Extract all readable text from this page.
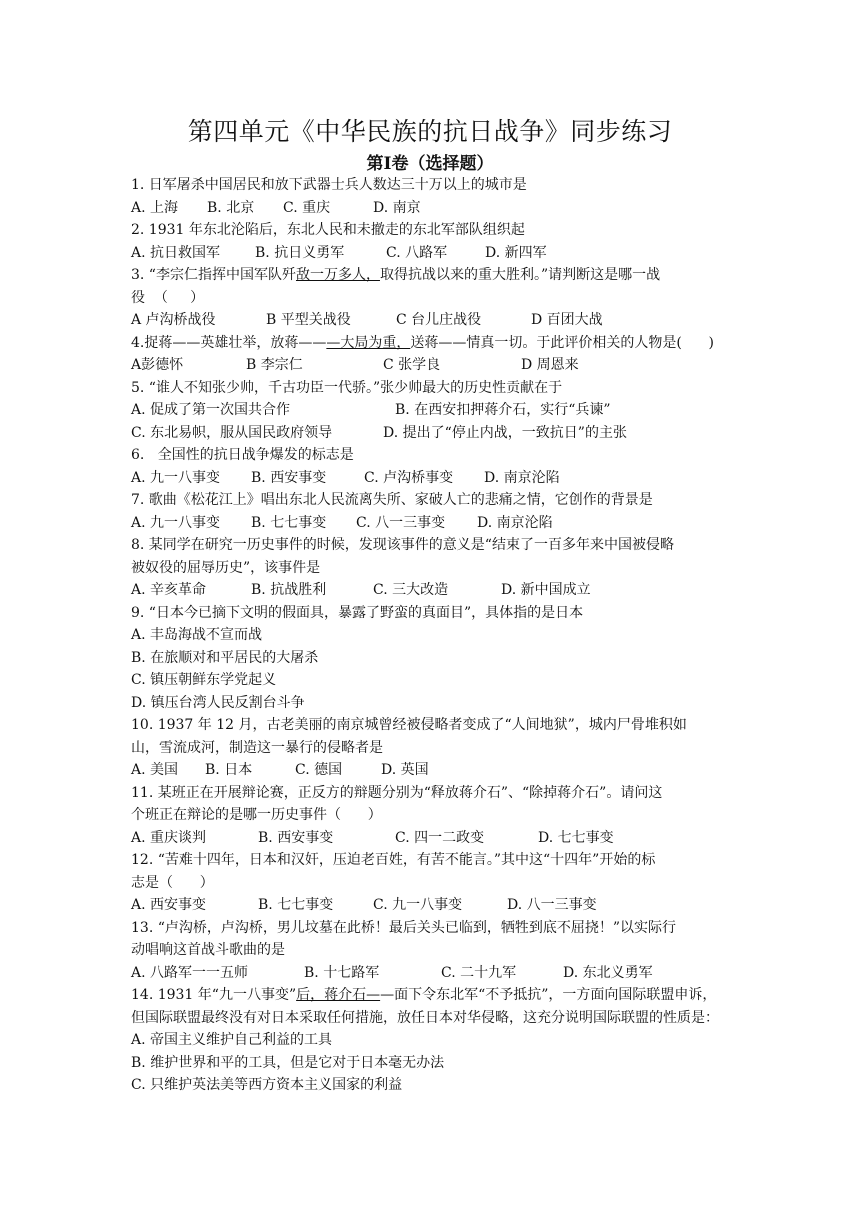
第四单元《中华民族的抗日战争》同步练习
第Ⅰ卷（选择题）
1. 日军屠杀中国居民和放下武器士兵人数达三十万以上的城市是
A. 上海 B. 北京 C. 重庆	D. 南京
2. 1931 年东北沦陷后，东北人民和未撤走的东北军部队组织起
A. 抗日救国军 B. 抗日义勇军	C. 八路军	D. 新四军
3. “李宗仁指挥中国军队歼敌一万多人，取得抗战以来的重大胜利。”请判断这是哪一战
役  （     ）
A 卢沟桥战役	B 平型关战役	C 台儿庄战役	D 百团大战
4.捉蒋——英雄壮举，放蒋———大局为重，送蒋——情真一切。于此评价相关的人物是(      )
A彭德怀	B 李宗仁	C 张学良	D 周恩来
5. “谁人不知张少帅，千古功臣一代骄。”张少帅最大的历史性贡献在于
A. 促成了第一次国共合作	B. 在西安扣押蒋介石，实行“兵谏”
C. 东北易帜，服从国民政府领导	D. 提出了“停止内战，一致抗日”的主张
6.   全国性的抗日战争爆发的标志是
A. 九一八事变 B. 西安事变	C. 卢沟桥事变 D. 南京沦陷
7. 歌曲《松花江上》唱出东北人民流离失所、家破人亡的悲痛之情，它创作的背景是
A. 九一八事变 B. 七七事变 C. 八一三事变 D. 南京沦陷
8. 某同学在研究一历史事件的时候，发现该事件的意义是“结束了一百多年来中国被侵略
被奴役的屈辱历史”，该事件是
A. 辛亥革命	B. 抗战胜利	C. 三大改造	D. 新中国成立
9. “日本今已摘下文明的假面具，暴露了野蛮的真面目”，具体指的是日本
A. 丰岛海战不宣而战
B. 在旅顺对和平居民的大屠杀
C. 镇压朝鲜东学党起义
D. 镇压台湾人民反割台斗争
10. 1937 年 12 月，古老美丽的南京城曾经被侵略者变成了“人间地狱”，城内尸骨堆积如
山，雪流成河，制造这一暴行的侵略者是
A. 美国 B. 日本	C. 德国	D. 英国
11. 某班正在开展辩论赛，正反方的辩题分别为“释放蒋介石”、“除掉蒋介石”。请问这
个班正在辩论的是哪一历史事件（      ）
A. 重庆谈判	B. 西安事变	C. 四一二政变	D. 七七事变
12. “苦难十四年，日本和汉奸，压迫老百姓，有苦不能言。”其中这“十四年”开始的标
志是（      ）
A. 西安事变	B. 七七事变	C. 九一八事变	D. 八一三事变
13. “卢沟桥，卢沟桥，男儿坟墓在此桥！最后关头已临到，牺牲到底不屈挠！”以实际行
动唱响这首战斗歌曲的是
A. 八路军一一五师	B. 十七路军	C. 二十九军	D. 东北义勇军
14. 1931 年“九一八事变”后，蒋介石——面下令东北军“不予抵抗”，一方面向国际联盟申诉，
但国际联盟最终没有对日本采取任何措施，放任日本对华侵略，这充分说明国际联盟的性质是：
A. 帝国主义维护自己利益的工具
B. 维护世界和平的工具，但是它对于日本毫无办法
C. 只维护英法美等西方资本主义国家的利益
